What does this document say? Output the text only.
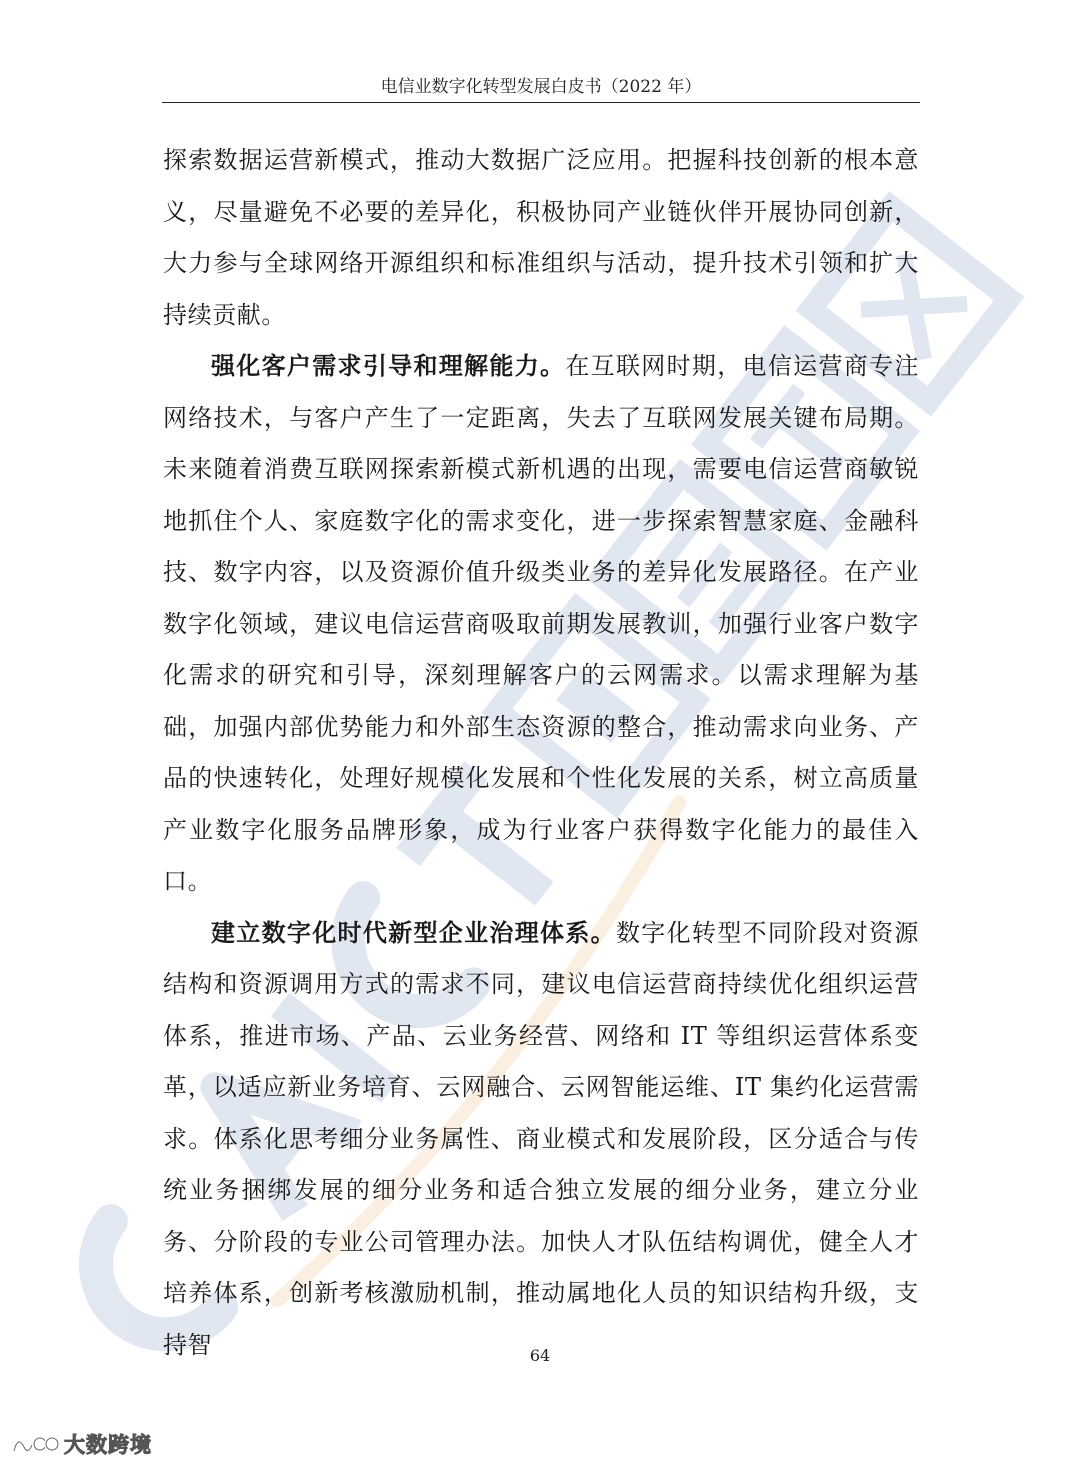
电信业数字化转型发展白皮书（2022 年）

探索数据运营新模式，推动大数据广泛应用。把握科技创新的根本意义，尽量避免不必要的差异化，积极协同产业链伙伴开展协同创新，大力参与全球网络开源组织和标准组织与活动，提升技术引领和扩大持续贡献。

强化客户需求引导和理解能力。在互联网时期，电信运营商专注网络技术，与客户产生了一定距离，失去了互联网发展关键布局期。未来随着消费互联网探索新模式新机遇的出现，需要电信运营商敏锐地抓住个人、家庭数字化的需求变化，进一步探索智慧家庭、金融科技、数字内容，以及资源价值升级类业务的差异化发展路径。在产业数字化领域，建议电信运营商吸取前期发展教训，加强行业客户数字化需求的研究和引导，深刻理解客户的云网需求。以需求理解为基础，加强内部优势能力和外部生态资源的整合，推动需求向业务、产品的快速转化，处理好规模化发展和个性化发展的关系，树立高质量产业数字化服务品牌形象，成为行业客户获得数字化能力的最佳入口。

建立数字化时代新型企业治理体系。数字化转型不同阶段对资源结构和资源调用方式的需求不同，建议电信运营商持续优化组织运营体系，推进市场、产品、云业务经营、网络和 IT 等组织运营体系变革，以适应新业务培育、云网融合、云网智能运维、IT 集约化运营需求。体系化思考细分业务属性、商业模式和发展阶段，区分适合与传统业务捆绑发展的细分业务和适合独立发展的细分业务，建立分业务、分阶段的专业公司管理办法。加快人才队伍结构调优，健全人才培养体系，创新考核激励机制，推动属地化人员的知识结构升级，支持智	64
大数跨境
